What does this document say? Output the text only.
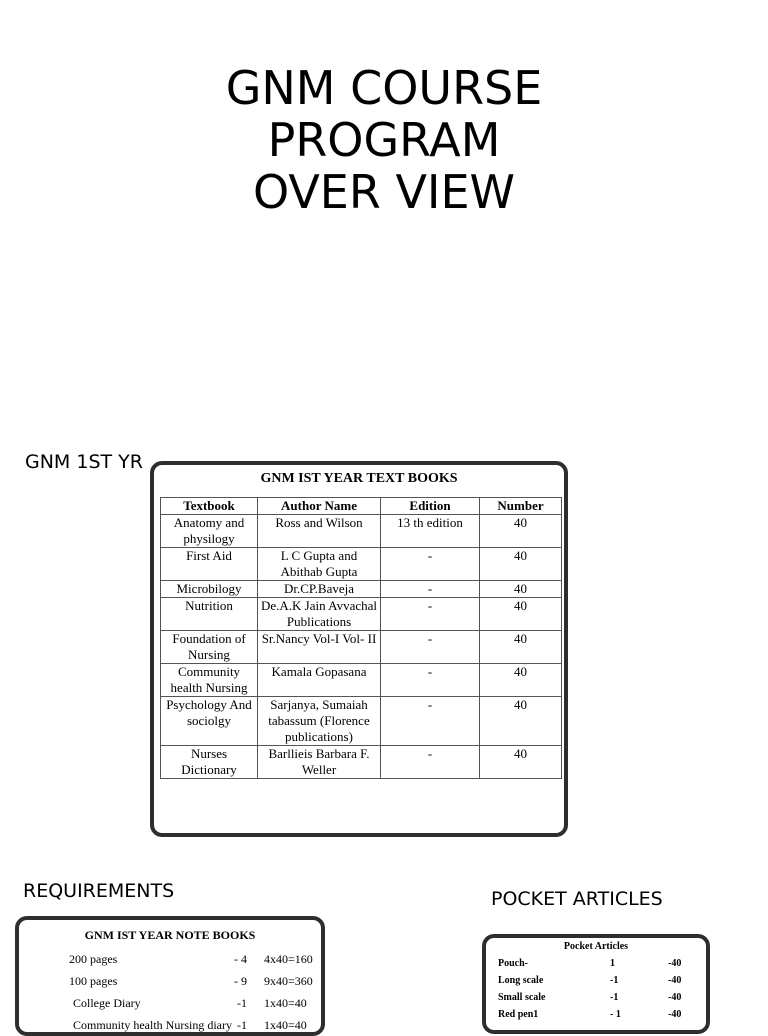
GNM COURSE
PROGRAM
OVER VIEW
GNM 1ST YR
REQUIREMENTS	POCKET ARTICLES
GNM IST YEAR TEXT BOOKS
Textbook	Author Name	Edition	Number
Anatomy and physilogy	Ross and Wilson	13 th edition	40
First Aid	L C Gupta and Abithab Gupta	-	40
Microbilogy	Dr.CP.Baveja	-	40
Nutrition	De.A.K Jain Avvachal Publications	-	40
Foundation of Nursing	Sr.Nancy Vol-I Vol- II	-	40
Community health Nursing	Kamala Gopasana	-	40
Psychology And sociolgy	Sarjanya, Sumaiah tabassum (Florence publications)	-	40
Nurses Dictionary	Barllieis Barbara F. Weller	-	40
GNM IST YEAR NOTE BOOKS
200 pages	- 4 4x40=160
100 pages	- 9 9x40=360
College Diary	-1 1x40=40
Community health Nursing diary -1 1x40=40
Pocket Articles
Pouch-	1	-40
Long scale	-1	-40
Small scale	-1	-40
Red pen1	- 1	-40
